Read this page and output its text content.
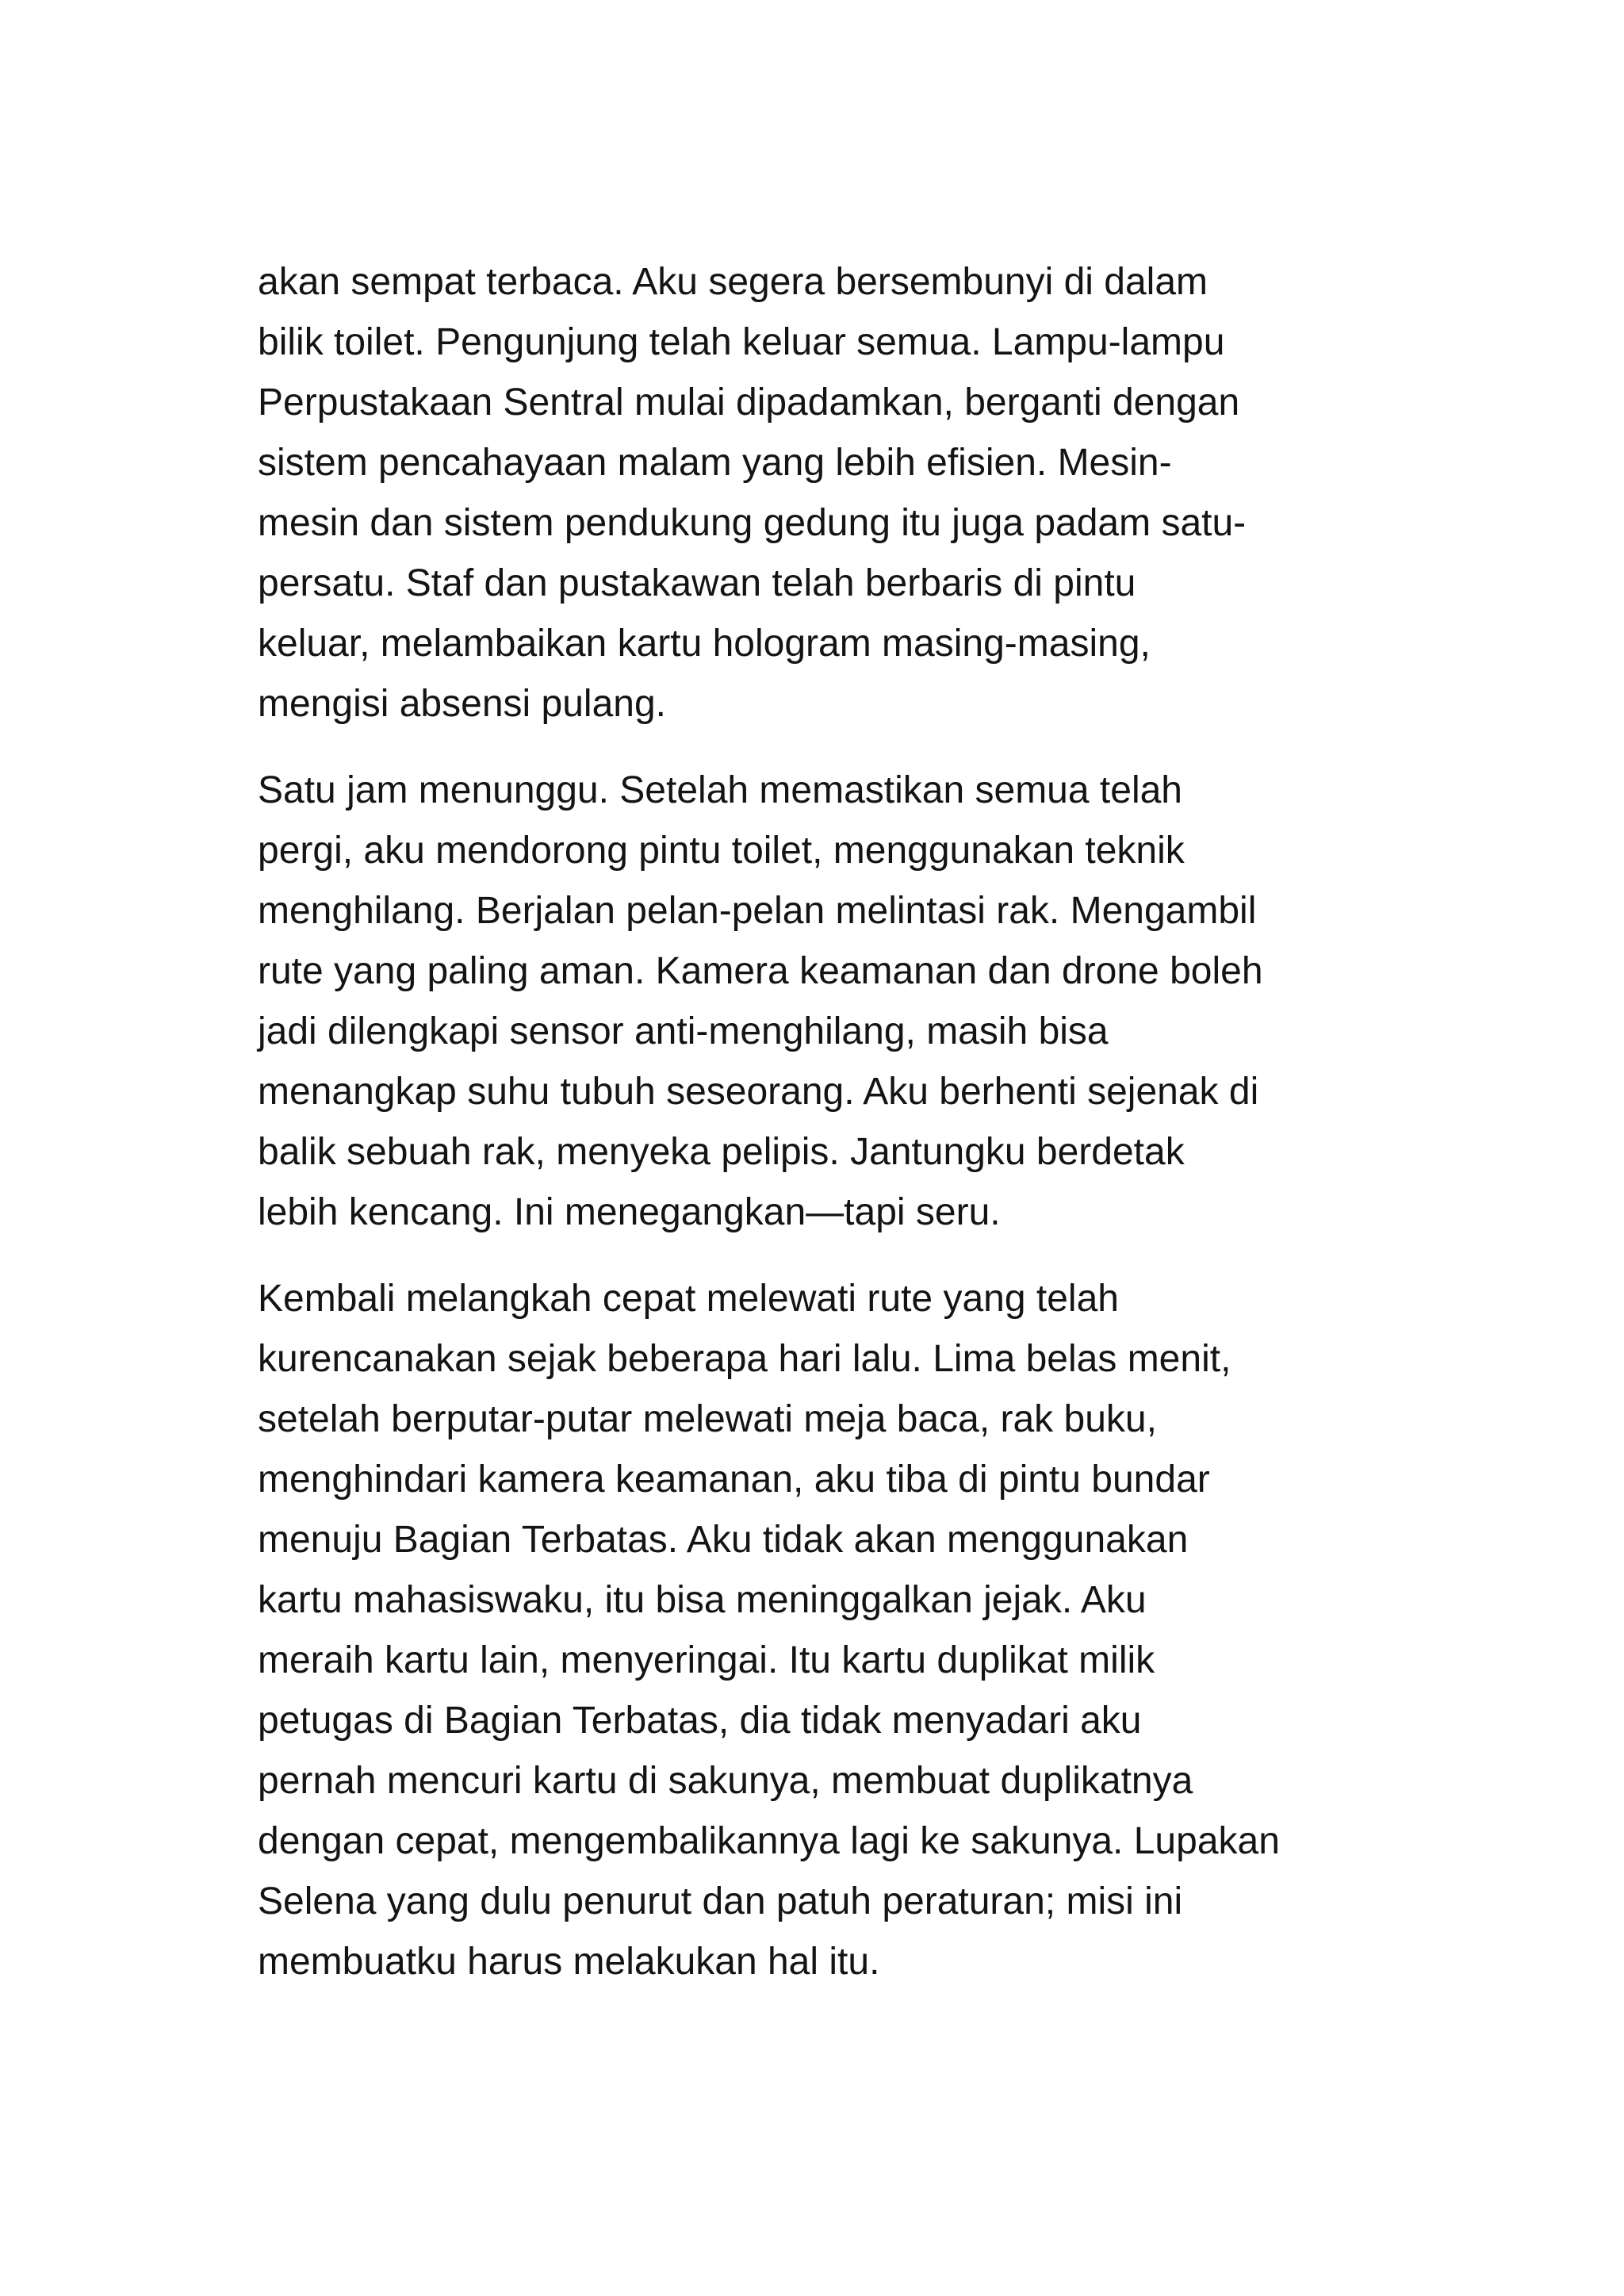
akan sempat terbaca. Aku segera bersembunyi di dalam
bilik toilet. Pengunjung telah keluar semua. Lampu-lampu
Perpustakaan Sentral mulai dipadamkan, berganti dengan
sistem pencahayaan malam yang lebih efisien. Mesin-
mesin dan sistem pendukung gedung itu juga padam satu-
persatu. Staf dan pustakawan telah berbaris di pintu
keluar, melambaikan kartu hologram masing-masing,
mengisi absensi pulang.

Satu jam menunggu. Setelah memastikan semua telah
pergi, aku mendorong pintu toilet, menggunakan teknik
menghilang. Berjalan pelan-pelan melintasi rak. Mengambil
rute yang paling aman. Kamera keamanan dan drone boleh
jadi dilengkapi sensor anti-menghilang, masih bisa
menangkap suhu tubuh seseorang. Aku berhenti sejenak di
balik sebuah rak, menyeka pelipis. Jantungku berdetak
lebih kencang. Ini menegangkan—tapi seru.

Kembali melangkah cepat melewati rute yang telah
kurencanakan sejak beberapa hari lalu. Lima belas menit,
setelah berputar-putar melewati meja baca, rak buku,
menghindari kamera keamanan, aku tiba di pintu bundar
menuju Bagian Terbatas. Aku tidak akan menggunakan
kartu mahasiswaku, itu bisa meninggalkan jejak. Aku
meraih kartu lain, menyeringai. Itu kartu duplikat milik
petugas di Bagian Terbatas, dia tidak menyadari aku
pernah mencuri kartu di sakunya, membuat duplikatnya
dengan cepat, mengembalikannya lagi ke sakunya. Lupakan
Selena yang dulu penurut dan patuh peraturan; misi ini
membuatku harus melakukan hal itu.
